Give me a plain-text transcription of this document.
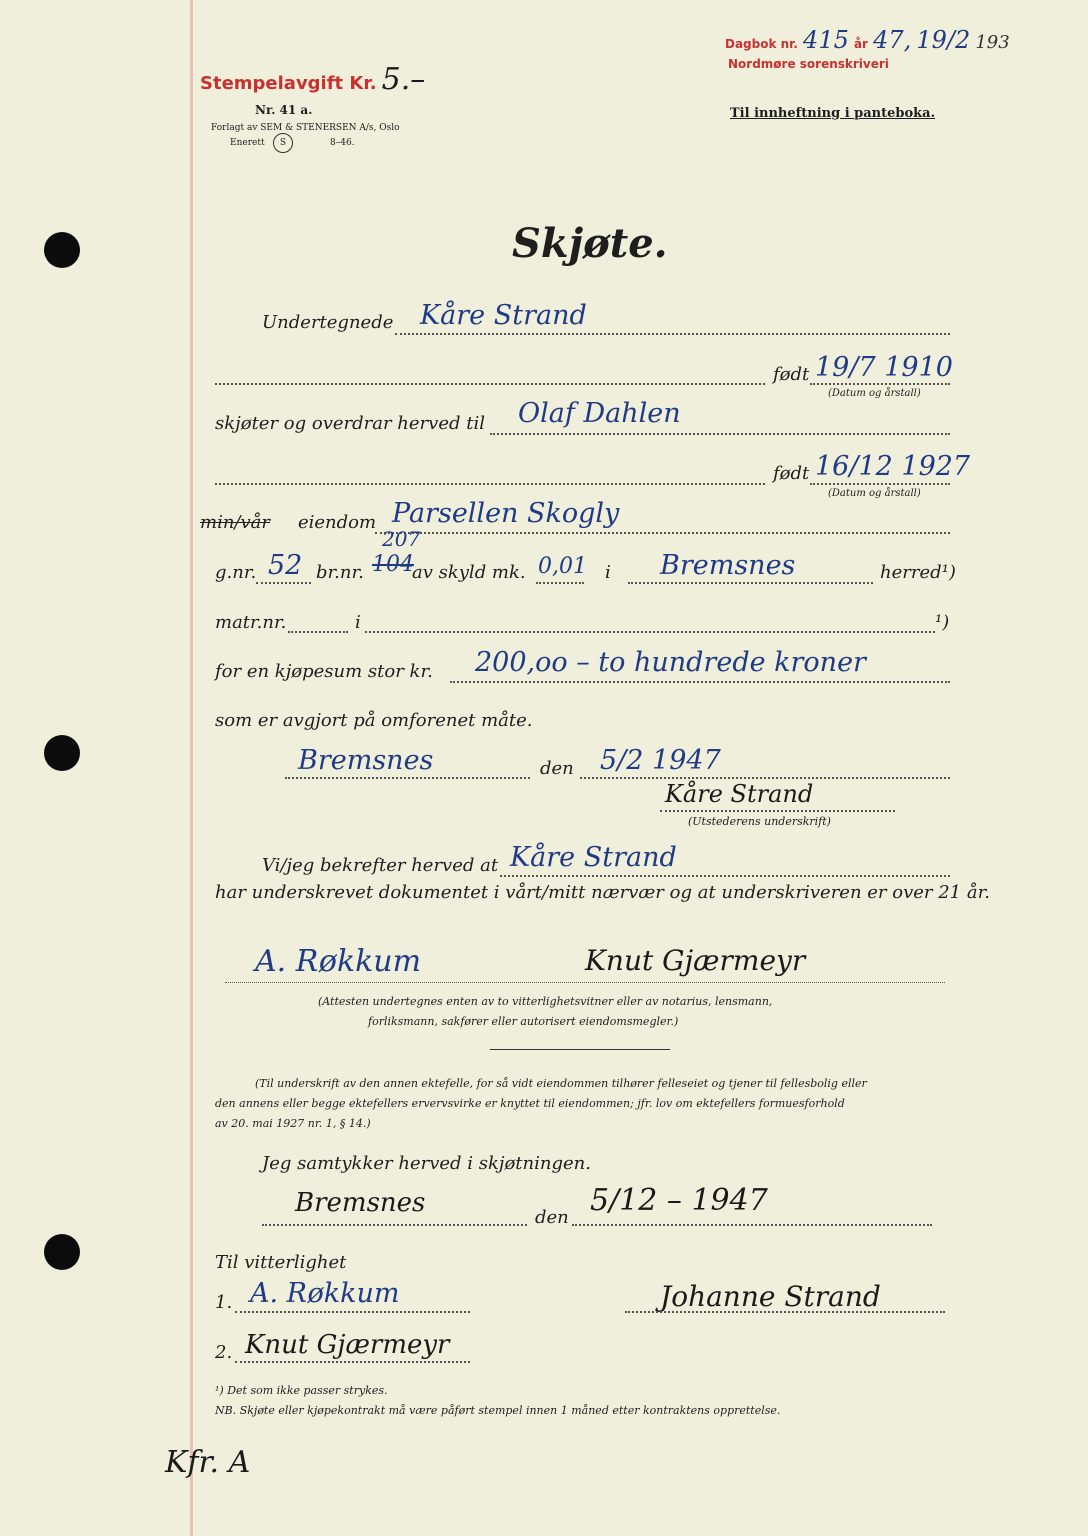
Stempelavgift Kr. 5.–
Nr. 41 a.
Forlagt av SEM & STENERSEN A/s, Oslo
Enerett	S	8–46.
Dagbok nr. 415 år 47, 19/2 193
Nordmøre sorenskriveri
Til innheftning i panteboka.
Skjøte.
Undertegnede Kåre Strand
født 19/7 1910
(Datum og årstall)
skjøter og overdrar herved til Olaf Dahlen
født 16/12 1927
(Datum og årstall)
min/vår eiendom Parsellen Skogly
g.nr. 52 br.nr. 104
207
av skyld mk. 0,01 i Bremsnes	herred¹)
matr.nr.	i	¹)
for en kjøpesum stor kr. 200,oo – to hundrede kroner
som er avgjort på omforenet måte.
Bremsnes	den 5/2 1947
Kåre Strand
(Utstederens underskrift)
Vi/jeg bekrefter herved at Kåre Strand
har underskrevet dokumentet i vårt/mitt nærvær og at underskriveren er over 21 år.
A. Røkkum	Knut Gjærmeyr
(Attesten undertegnes enten av to vitterlighetsvitner eller av notarius, lensmann,
forliksmann, sakfører eller autorisert eiendomsmegler.)
(Til underskrift av den annen ektefelle, for så vidt eiendommen tilhører felleseiet og tjener til fellesbolig eller
den annens eller begge ektefellers ervervsvirke er knyttet til eiendommen; jfr. lov om ektefellers formuesforhold
av 20. mai 1927 nr. 1, § 14.)
Jeg samtykker herved i skjøtningen.
Bremsnes	den 5/12 – 1947
Til vitterlighet
1. A. Røkkum
2. Knut Gjærmeyr
Johanne Strand
¹) Det som ikke passer strykes.
NB. Skjøte eller kjøpekontrakt må være påført stempel innen 1 måned etter kontraktens opprettelse.
Kfr. A
